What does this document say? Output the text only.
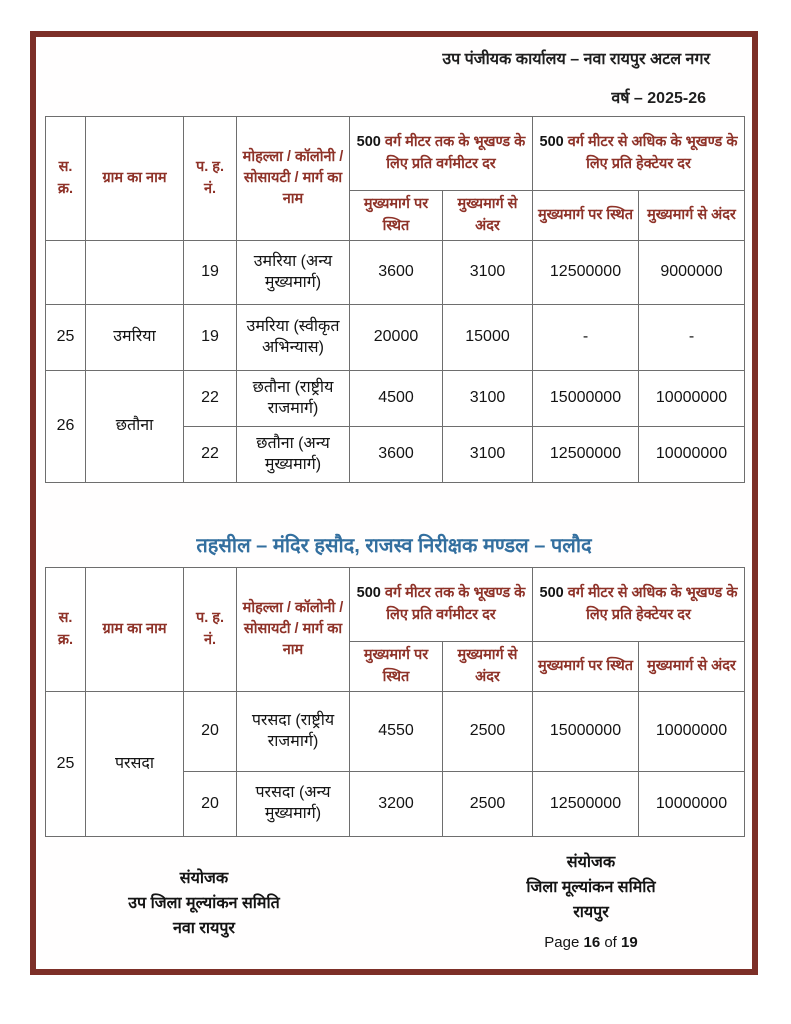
उप पंजीयक कार्यालय – नवा रायपुर अटल नगर
वर्ष – 2025-26
स. क्र.	ग्राम का नाम	प. ह. नं.	मोहल्ला / कॉलोनी / सोसायटी / मार्ग का नाम	500 वर्ग मीटर तक के भूखण्ड के लिए प्रति वर्गमीटर दर		500 वर्ग मीटर से अधिक के भूखण्ड के लिए प्रति हेक्टेयर दर	
				मुख्यमार्ग पर स्थित	मुख्यमार्ग से अंदर	मुख्यमार्ग पर स्थित	मुख्यमार्ग से अंदर
		19	उमरिया (अन्य मुख्यमार्ग)	3600	3100	12500000	9000000
25	उमरिया	19	उमरिया (स्वीकृत अभिन्यास)	20000	15000	-	-
26	छतौना	22	छतौना (राष्ट्रीय राजमार्ग)	4500	3100	15000000	10000000
		22	छतौना (अन्य मुख्यमार्ग)	3600	3100	12500000	10000000
तहसील – मंदिर हसौद, राजस्व निरीक्षक मण्डल – पलौद
स. क्र.	ग्राम का नाम	प. ह. नं.	मोहल्ला / कॉलोनी / सोसायटी / मार्ग का नाम	500 वर्ग मीटर तक के भूखण्ड के लिए प्रति वर्गमीटर दर		500 वर्ग मीटर से अधिक के भूखण्ड के लिए प्रति हेक्टेयर दर	
				मुख्यमार्ग पर स्थित	मुख्यमार्ग से अंदर	मुख्यमार्ग पर स्थित	मुख्यमार्ग से अंदर
25	परसदा	20	परसदा (राष्ट्रीय राजमार्ग)	4550	2500	15000000	10000000
		20	परसदा (अन्य मुख्यमार्ग)	3200	2500	12500000	10000000
संयोजक
उप जिला मूल्यांकन समिति
नवा रायपुर
संयोजक
जिला मूल्यांकन समिति
रायपुर
Page 16 of 19
